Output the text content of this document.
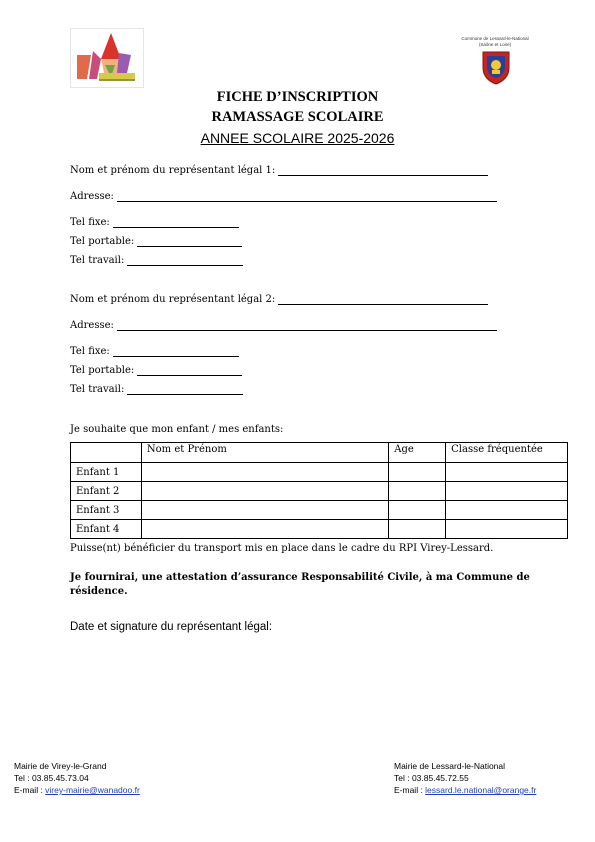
Commune de Lessard-le-National
(Saône et Loire)
FICHE D’INSCRIPTION
RAMASSAGE SCOLAIRE
ANNEE SCOLAIRE 2025-2026
Nom et prénom du représentant légal 1:
Adresse:
Tel fixe:
Tel portable:
Tel travail:
Nom et prénom du représentant légal 2:
Adresse:
Tel fixe:
Tel portable:
Tel travail:
Je souhaite que mon enfant / mes enfants:
	Nom et Prénom	Age	Classe fréquentée
Enfant 1			
Enfant 2			
Enfant 3			
Enfant 4			
Puisse(nt) bénéficier du transport mis en place dans le cadre du RPI Virey-Lessard.
Je fournirai, une attestation d’assurance Responsabilité Civile, à ma Commune de résidence.
Date et signature du représentant légal:
Mairie de Virey-le-Grand
Tel : 03.85.45.73.04
E-mail : virey-mairie@wanadoo.fr
Mairie de Lessard-le-National
Tel : 03.85.45.72.55
E-mail : lessard.le.national@orange.fr
